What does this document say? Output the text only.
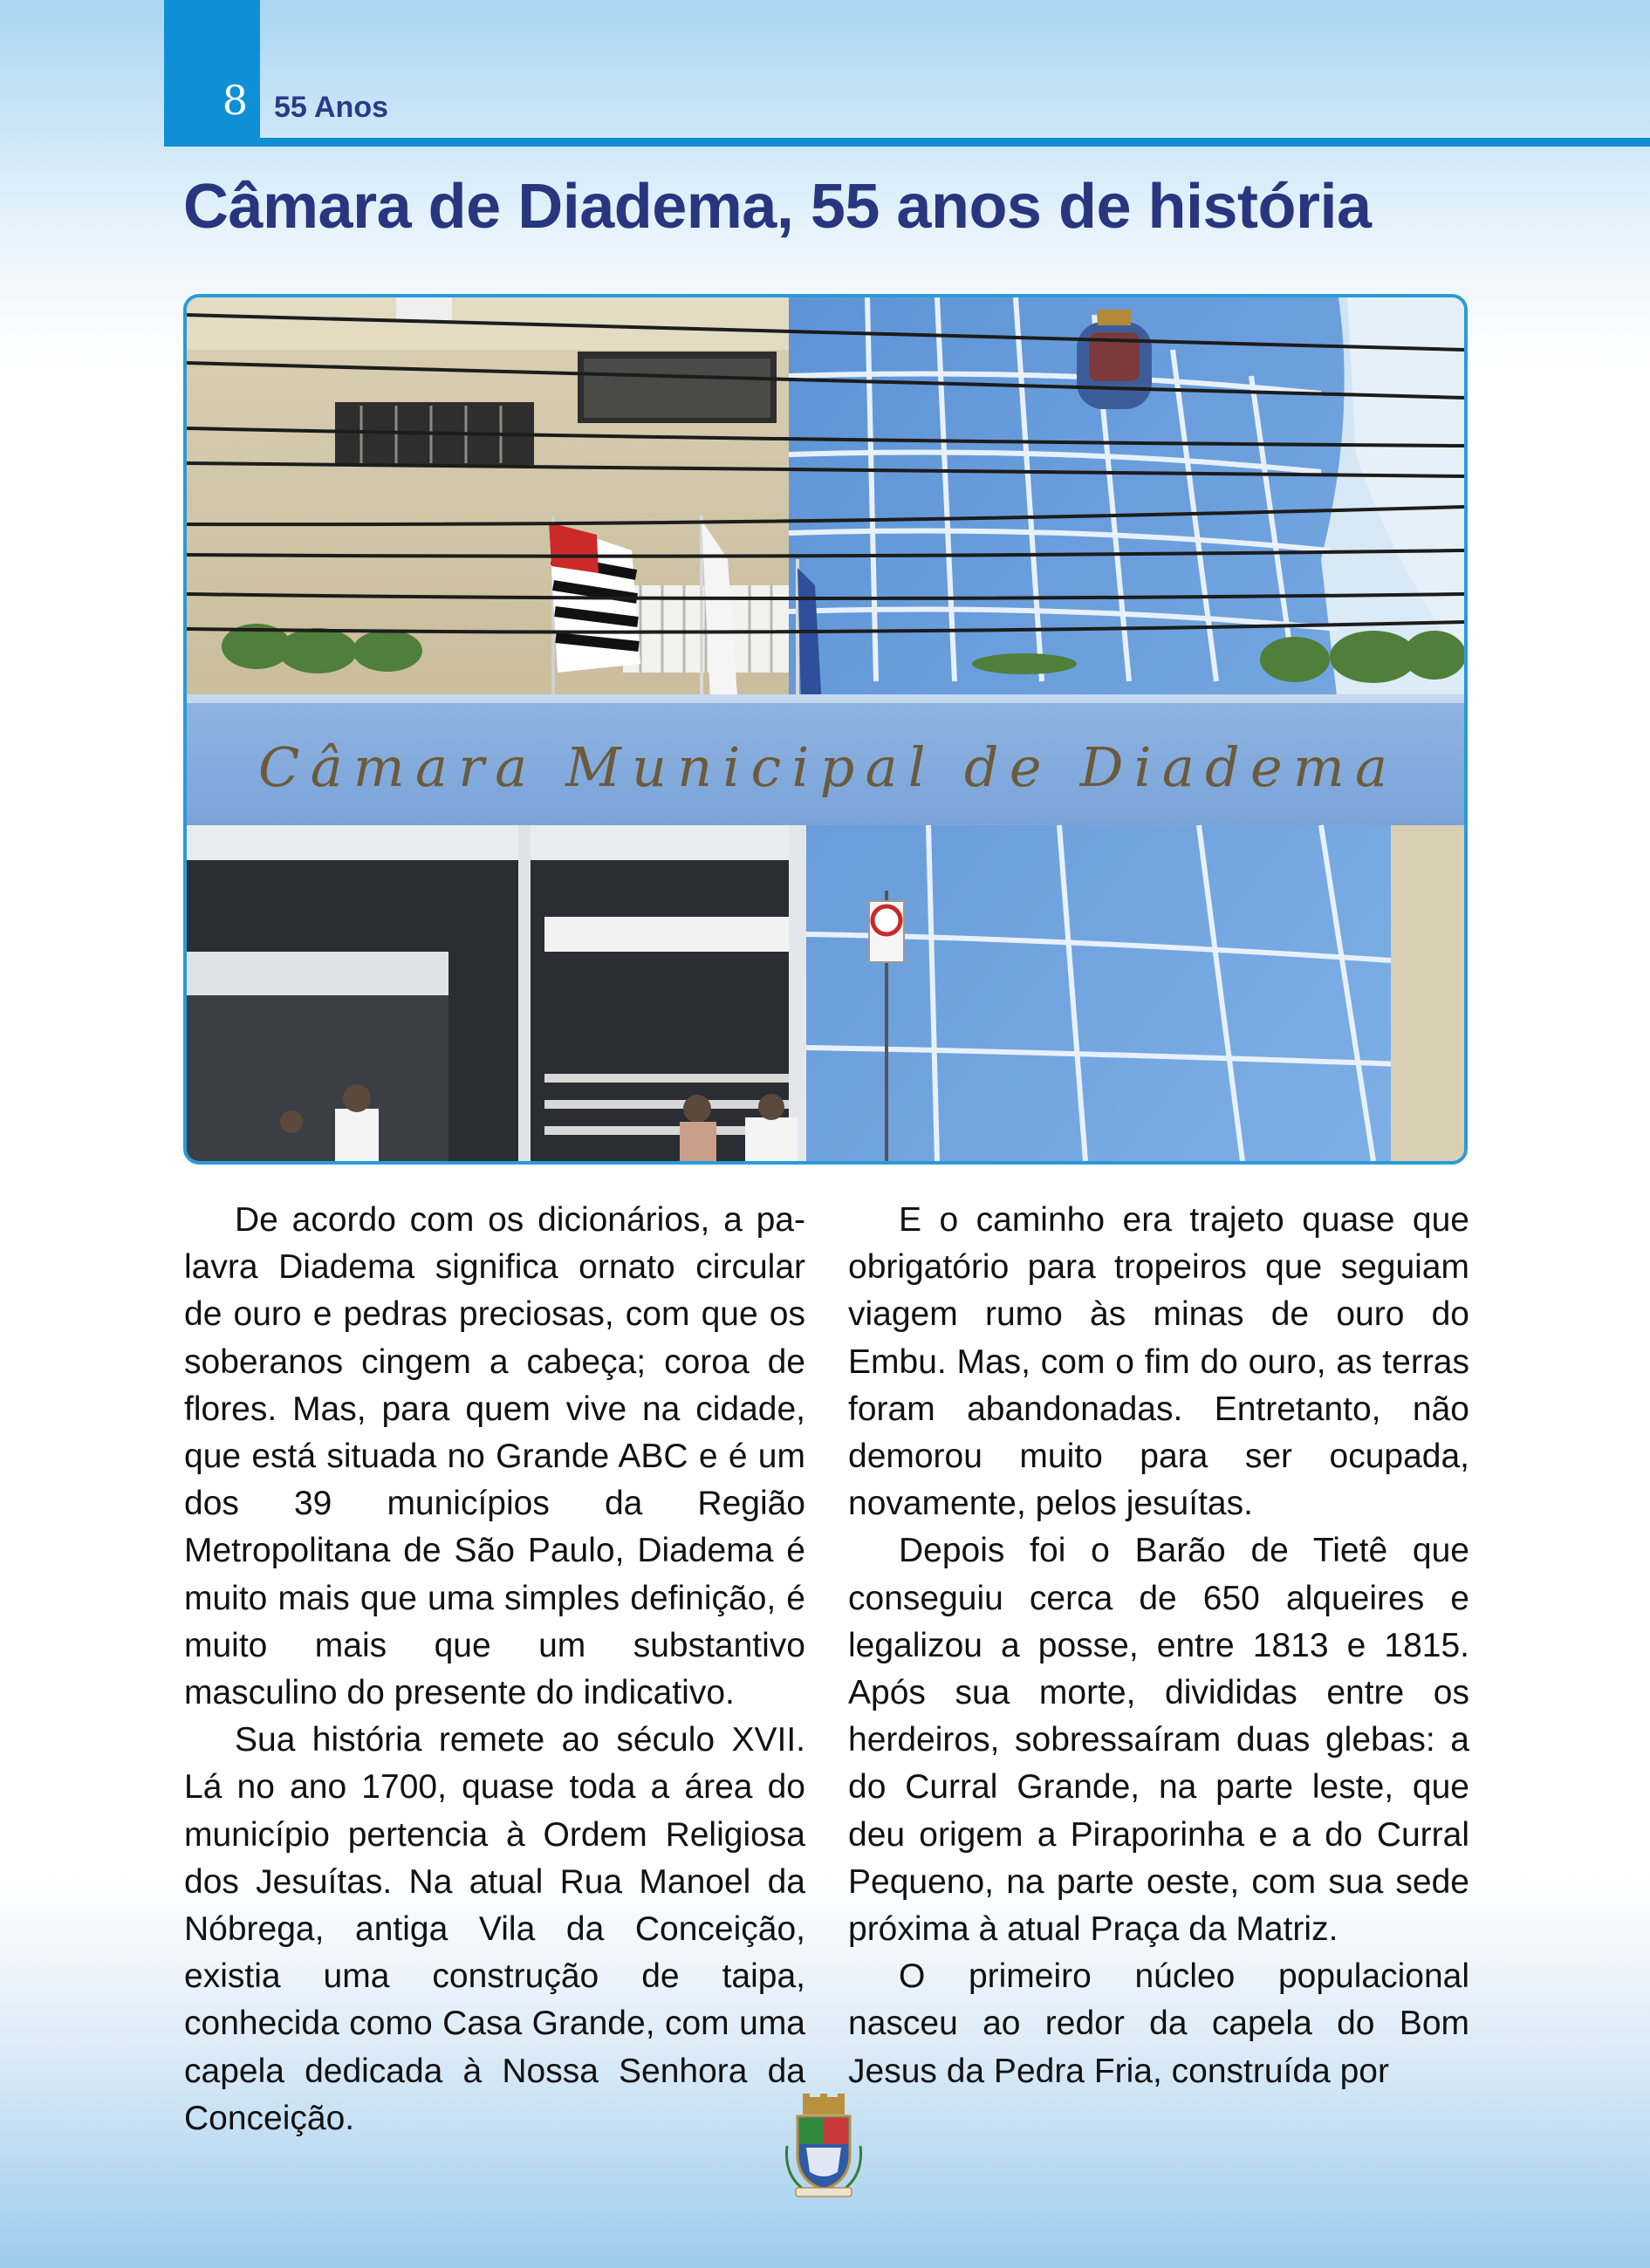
8 55 Anos
Câmara de Diadema, 55 anos de história
Câmara Municipal de Diadema

De acordo com os dicionários, a palavra Diadema significa ornato circular de ouro e pedras preciosas, com que os soberanos cingem a cabeça; coroa de flores. Mas, para quem vive na cidade, que está situada no Grande ABC e é um dos 39 municípios da Região Metropolitana de São Paulo, Diadema é muito mais que uma simples definição, é muito mais que um substantivo masculino do presente do indicativo.

Sua história remete ao século XVII. Lá no ano 1700, quase toda a área do município pertencia à Ordem Religiosa dos Jesuítas. Na atual Rua Manoel da Nóbrega, antiga Vila da Conceição, existia uma construção de taipa, conhecida como Casa Grande, com uma capela dedicada à Nossa Senhora da Conceição.

E o caminho era trajeto quase que obrigatório para tropeiros que seguiam viagem rumo às minas de ouro do Embu. Mas, com o fim do ouro, as terras foram abandonadas. Entretanto, não demorou muito para ser ocupada, novamente, pelos jesuítas.

Depois foi o Barão de Tietê que conseguiu cerca de 650 alqueires e legalizou a posse, entre 1813 e 1815. Após sua morte, divididas entre os herdeiros, sobressaíram duas glebas: a do Curral Grande, na parte leste, que deu origem a Piraporinha e a do Curral Pequeno, na parte oeste, com sua sede próxima à atual Praça da Matriz.

O primeiro núcleo populacional nasceu ao redor da capela do Bom Jesus da Pedra Fria, construída por
